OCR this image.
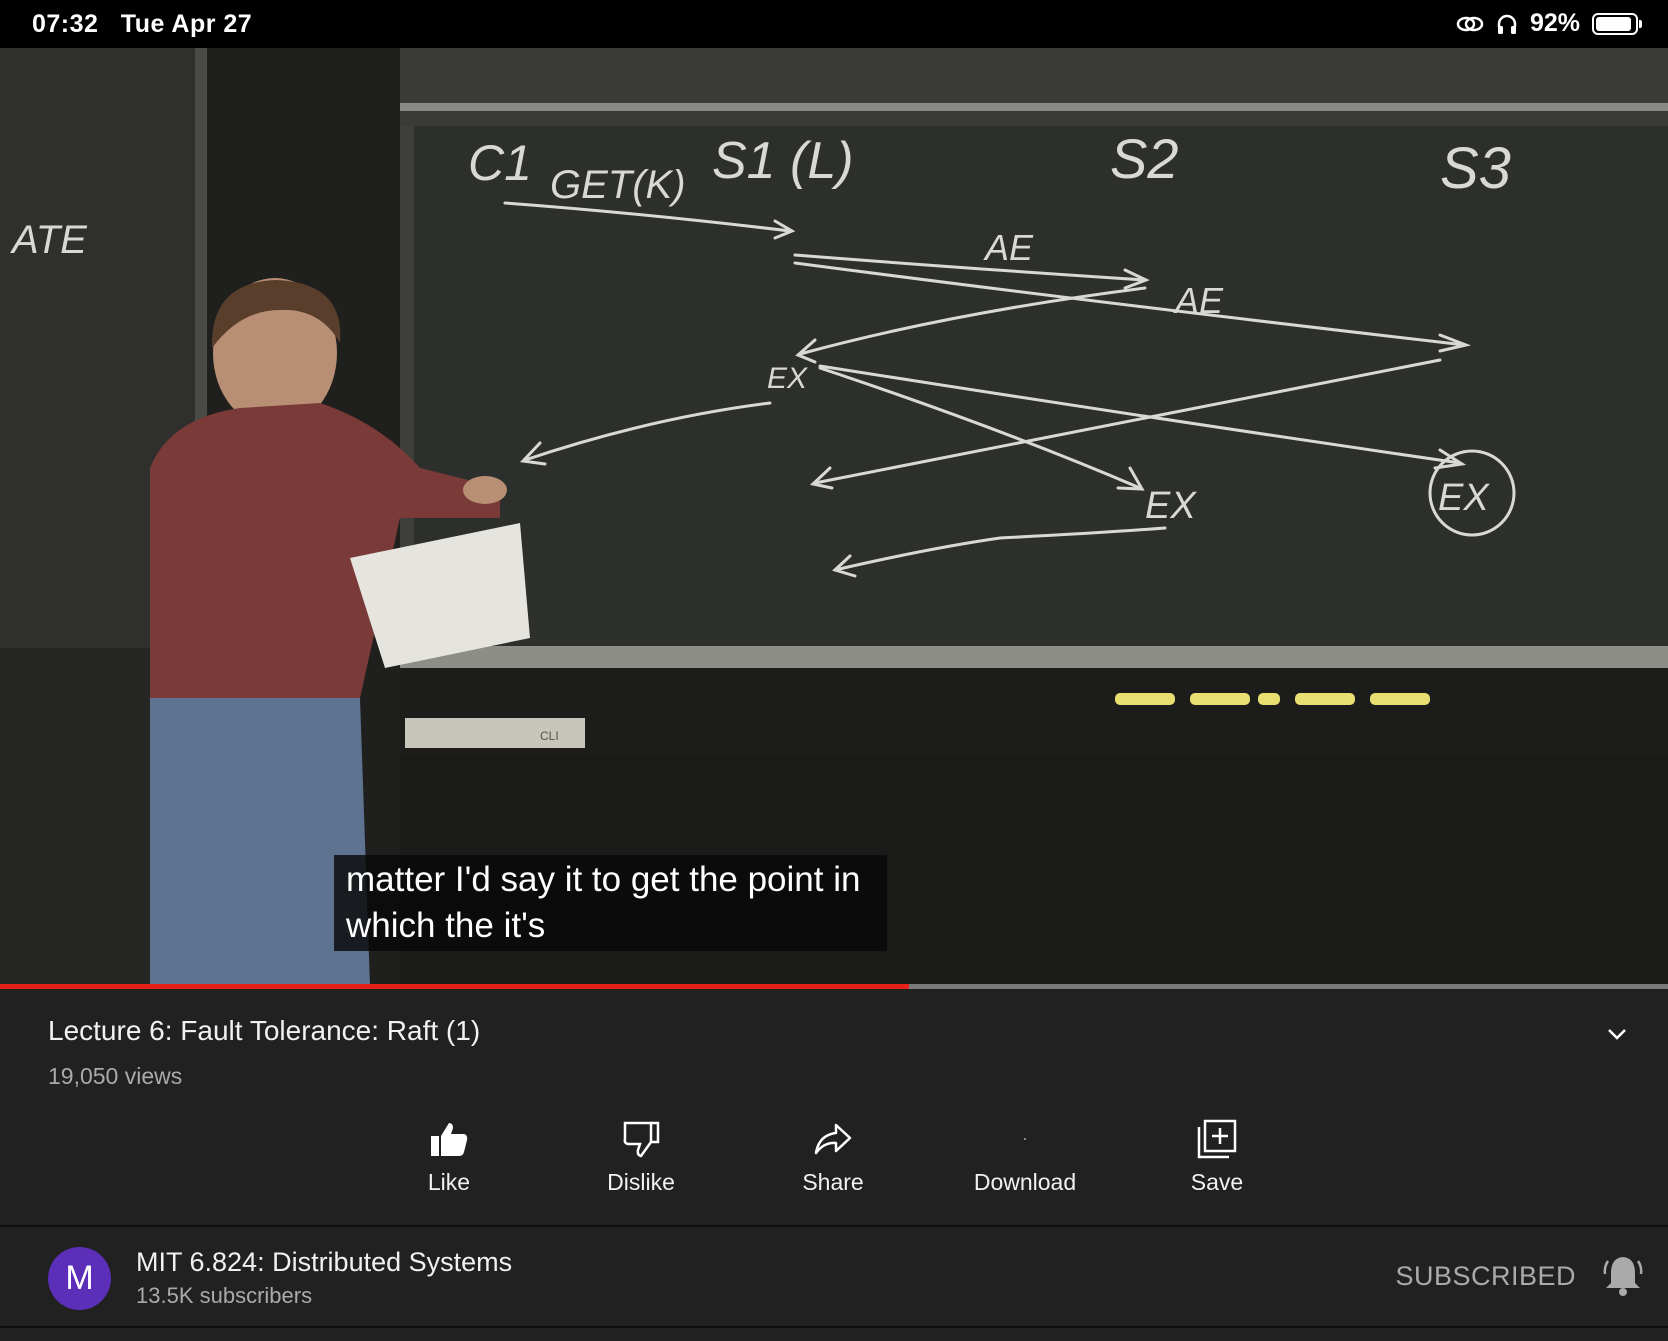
07:32 Tue Apr 27	92%
CLI
ATE
C1 GET(K) S1 (L)	S2	S3
AE
AE
EX
EX	EX
matter I'd say it to get the point in
which the it's
Lecture 6: Fault Tolerance: Raft (1)
19,050 views
Like	Dislike	Share	Download	Save
M	MIT 6.824: Distributed Systems
13.5K subscribers
SUBSCRIBED
